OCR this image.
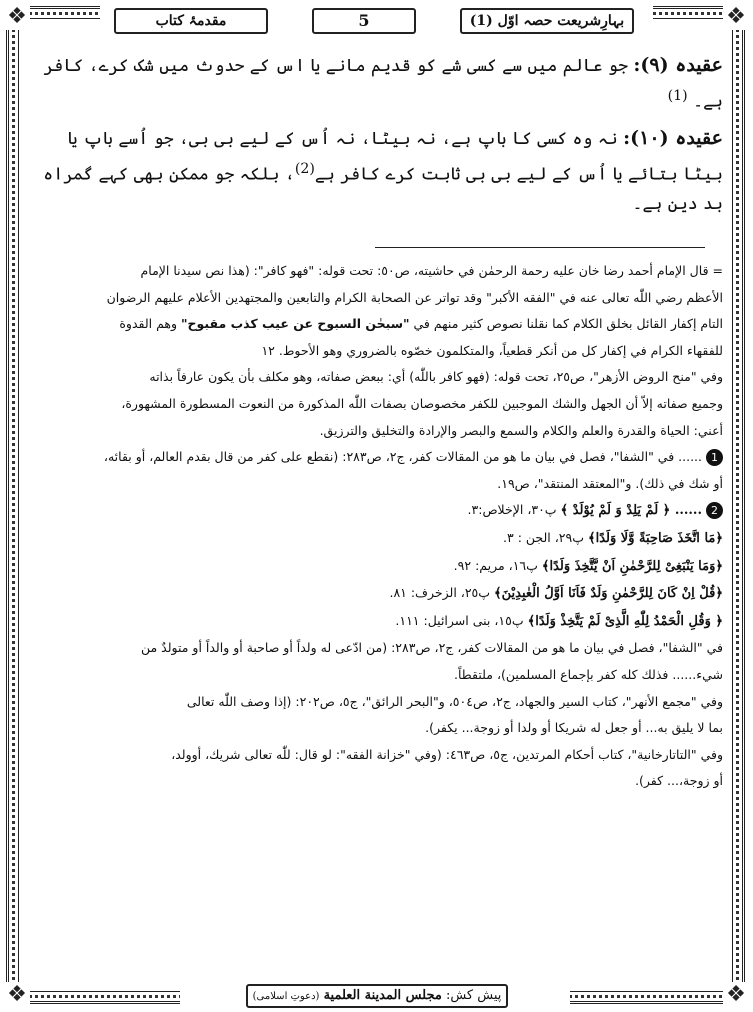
❖	❖
❖	❖
مقدمۂ کتاب	5	بہارِشریعت حصہ اوّل (1)

عقیدہ (۹): جو عالم میں سے کسی شے کو قدیم مانے یا اس کے حدوث میں شک کرے، کافر ہے۔ $^{(1)}$

عقیدہ (۱۰): نہ وہ کسی کا باپ ہے، نہ بیٹا، نہ اُس کے لیے بی بی، جو اُسے باپ یا بیٹا بتائے یا اُس کے لیے بی بی ثابت کرے کافر ہے$^{(2)}$، بلکہ جو ممکن بھی کہے گمراہ بد دین ہے۔

= قال الإمام أحمد رضا خان عليه رحمة الرحمٰن في حاشيته، ص٥٠: تحت قوله: "فهو كافر": (هذا نص سيدنا الإمام

الأعظم رضي اللّٰه تعالى عنه في "الفقه الأكبر" وقد تواتر عن الصحابة الكرام والتابعين والمجتهدين الأعلام عليهم الرضوان

التام إكفار القائل بخلق الكلام كما نقلنا نصوص كثير منهم في "سبحٰن السبوح عن عيب كذب مقبوح" وهم القدوة

للفقهاء الكرام في إكفار كل من أنكر قطعياً، والمتكلمون خصّوه بالضروري وهو الأحوط. ١٢

وفي "منح الروض الأزهر"، ص٢٥، تحت قوله: (فهو كافر باللّٰه) أي: ببعض صفاته، وهو مكلف بأن يكون عارفاً بذاته

وجميع صفاته إلاّ أن الجهل والشك الموجبين للكفر مخصوصان بصفات اللّٰه المذكورة من النعوت المسطورة المشهورة،

أعني: الحياة والقدرة والعلم والكلام والسمع والبصر والإرادة والتخليق والترزيق.

1...... في "الشفا"، فصل في بيان ما هو من المقالات كفر، ج٢، ص٢٨٣: (نقطع على كفر من قال بقدم العالم، أو بقائه،

أو شك في ذلك). و"المعتقد المنتقد"، ص١٩.

2...... ﴿ لَمْ يَلِدْ وَ لَمْ يُوْلَدْ ﴾ پ٣٠، الإخلاص:٣.

﴿مَا اتَّخَذَ صَاحِبَةً وَّلَا وَلَدًا﴾ پ٢٩، الجن : ٣.

﴿وَمَا يَنْبَغِىْ لِلرَّحْمٰنِ اَنْ يَّتَّخِذَ وَلَدًا﴾ پ١٦، مريم: ٩٢.

﴿قُلْ اِنْ كَانَ لِلرَّحْمٰنِ وَلَدٌ فَاَنَا اَوَّلُ الْعٰبِدِيْنَ﴾ پ٢٥، الزخرف: ٨١.

﴿ وَقُلِ الْحَمْدُ لِلّٰهِ الَّذِىْ لَمْ يَتَّخِذْ وَلَدًا﴾ پ١٥، بنى اسرائيل: ١١١.

في "الشفا"، فصل في بيان ما هو من المقالات كفر، ج٢، ص٢٨٣: (من ادّعى له ولداً أو صاحبة أو والداً أو متولدٌ من

شيء...... فذلك كله كفر بإجماع المسلمين)، ملتقطاً.

وفي "مجمع الأنهر"، كتاب السير والجهاد، ج٢، ص٥٠٤، و"البحر الرائق"، ج٥، ص٢٠٢: (إذا وصف اللّٰه تعالى

بما لا يليق به... أو جعل له شريكا أو ولدا أو زوجة... يكفر).

وفي "التاتارخانية"، كتاب أحكام المرتدين، ج٥، ص٤٦٣: (وفي "خزانة الفقه": لو قال: للّٰه تعالى شريك، أوولد،

أو زوجة،... كفر).

پیش کش: مجلس المدينة العلمية (دعوتِ اسلامی)
